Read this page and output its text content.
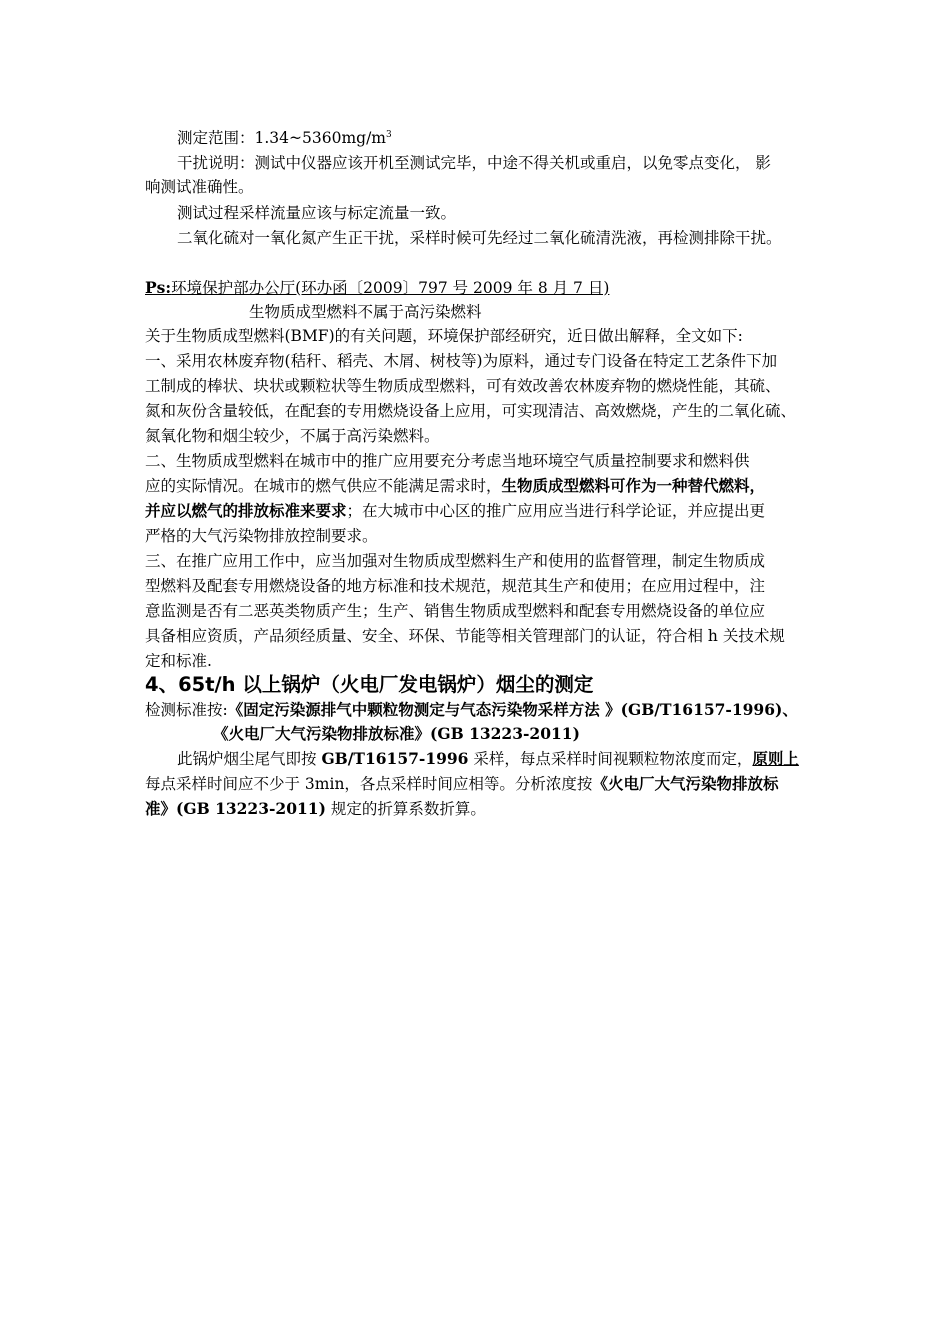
测定范围：$1.34\sim 5360mg/m^3$
干扰说明：测试中仪器应该开机至测试完毕，中途不得关机或重启，以免零点变化， 影
响测试准确性。
测试过程采样流量应该与标定流量一致。
二氧化硫对一氧化氮产生正干扰，采样时候可先经过二氧化硫清洗液，再检测排除干扰。
Ps:环境保护部办公厅(环办函〔2009〕797 号 2009 年 8 月 7 日)
生物质成型燃料不属于高污染燃料
关于生物质成型燃料(BMF)的有关问题，环境保护部经研究，近日做出解释，全文如下:
一、采用农林废弃物(秸秆、稻壳、木屑、树枝等)为原料，通过专门设备在特定工艺条件下加
工制成的棒状、块状或颗粒状等生物质成型燃料，可有效改善农林废弃物的燃烧性能，其硫、
氮和灰份含量较低，在配套的专用燃烧设备上应用，可实现清洁、高效燃烧，产生的二氧化硫、
氮氧化物和烟尘较少，不属于高污染燃料。
二、生物质成型燃料在城市中的推广应用要充分考虑当地环境空气质量控制要求和燃料供
应的实际情况。在城市的燃气供应不能满足需求时，生物质成型燃料可作为一种替代燃料，
并应以燃气的排放标准来要求；在大城市中心区的推广应用应当进行科学论证，并应提出更
严格的大气污染物排放控制要求。
三、在推广应用工作中，应当加强对生物质成型燃料生产和使用的监督管理，制定生物质成
型燃料及配套专用燃烧设备的地方标准和技术规范，规范其生产和使用；在应用过程中，注
意监测是否有二恶英类物质产生；生产、销售生物质成型燃料和配套专用燃烧设备的单位应
具备相应资质，产品须经质量、安全、环保、节能等相关管理部门的认证，符合相 h 关技术规
定和标准.
4、65t/h 以上锅炉（火电厂发电锅炉）烟尘的测定
检测标准按:《固定污染源排气中颗粒物测定与气态污染物采样方法 》(GB/T16157-1996)、
《火电厂大气污染物排放标准》(GB 13223-2011)
此锅炉烟尘尾气即按 GB/T16157-1996 采样，每点采样时间视颗粒物浓度而定，原则上
每点采样时间应不少于 3min，各点采样时间应相等。分析浓度按《火电厂大气污染物排放标
准》(GB 13223-2011) 规定的折算系数折算。
